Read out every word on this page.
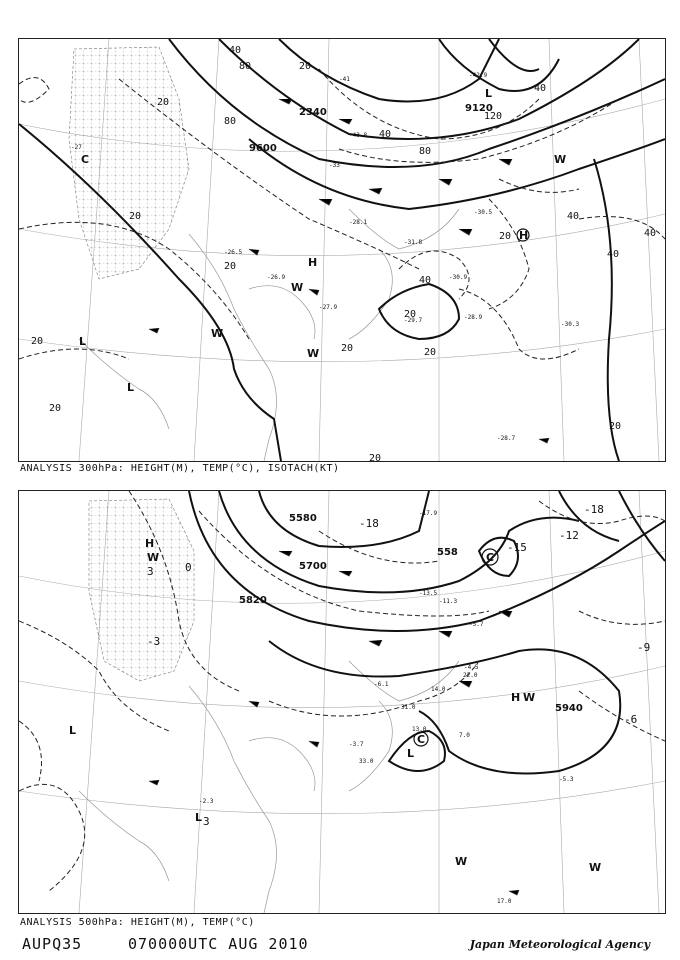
-27
-26.5
-26.9
-27.9
-28.1
-30.5
-30.9
-31.8
-33
-41
-42.9
-43.8
-29.7	-28.9
-30.3
-28.7
20
20
20
20
20
20	20
20
20
20
20
20
40
40
40
40
40
40
40
80
80
80
120
9600
9120
2340
C
L
L
L
H
H
W
W
W
W
ANALYSIS 300hPa: HEIGHT(M), TEMP(°C), ISOTACH(KT)
-17.9
-13.5
-11.3
-5.7
-4.5
-3.7
-5.3
-6.1
-2.3
7.0
14.0
22.0
13.0
31.0
33.0
17.0
-18
-18
-15
-12
-9
-6
-3
0
3
3
5580
5700
5820
5940
558
H
W	C
C
L
L
L
H W
W	W
ANALYSIS 500hPa: HEIGHT(M), TEMP(°C)
AUPQ35	070000UTC AUG 2010	Japan Meteorological Agency
